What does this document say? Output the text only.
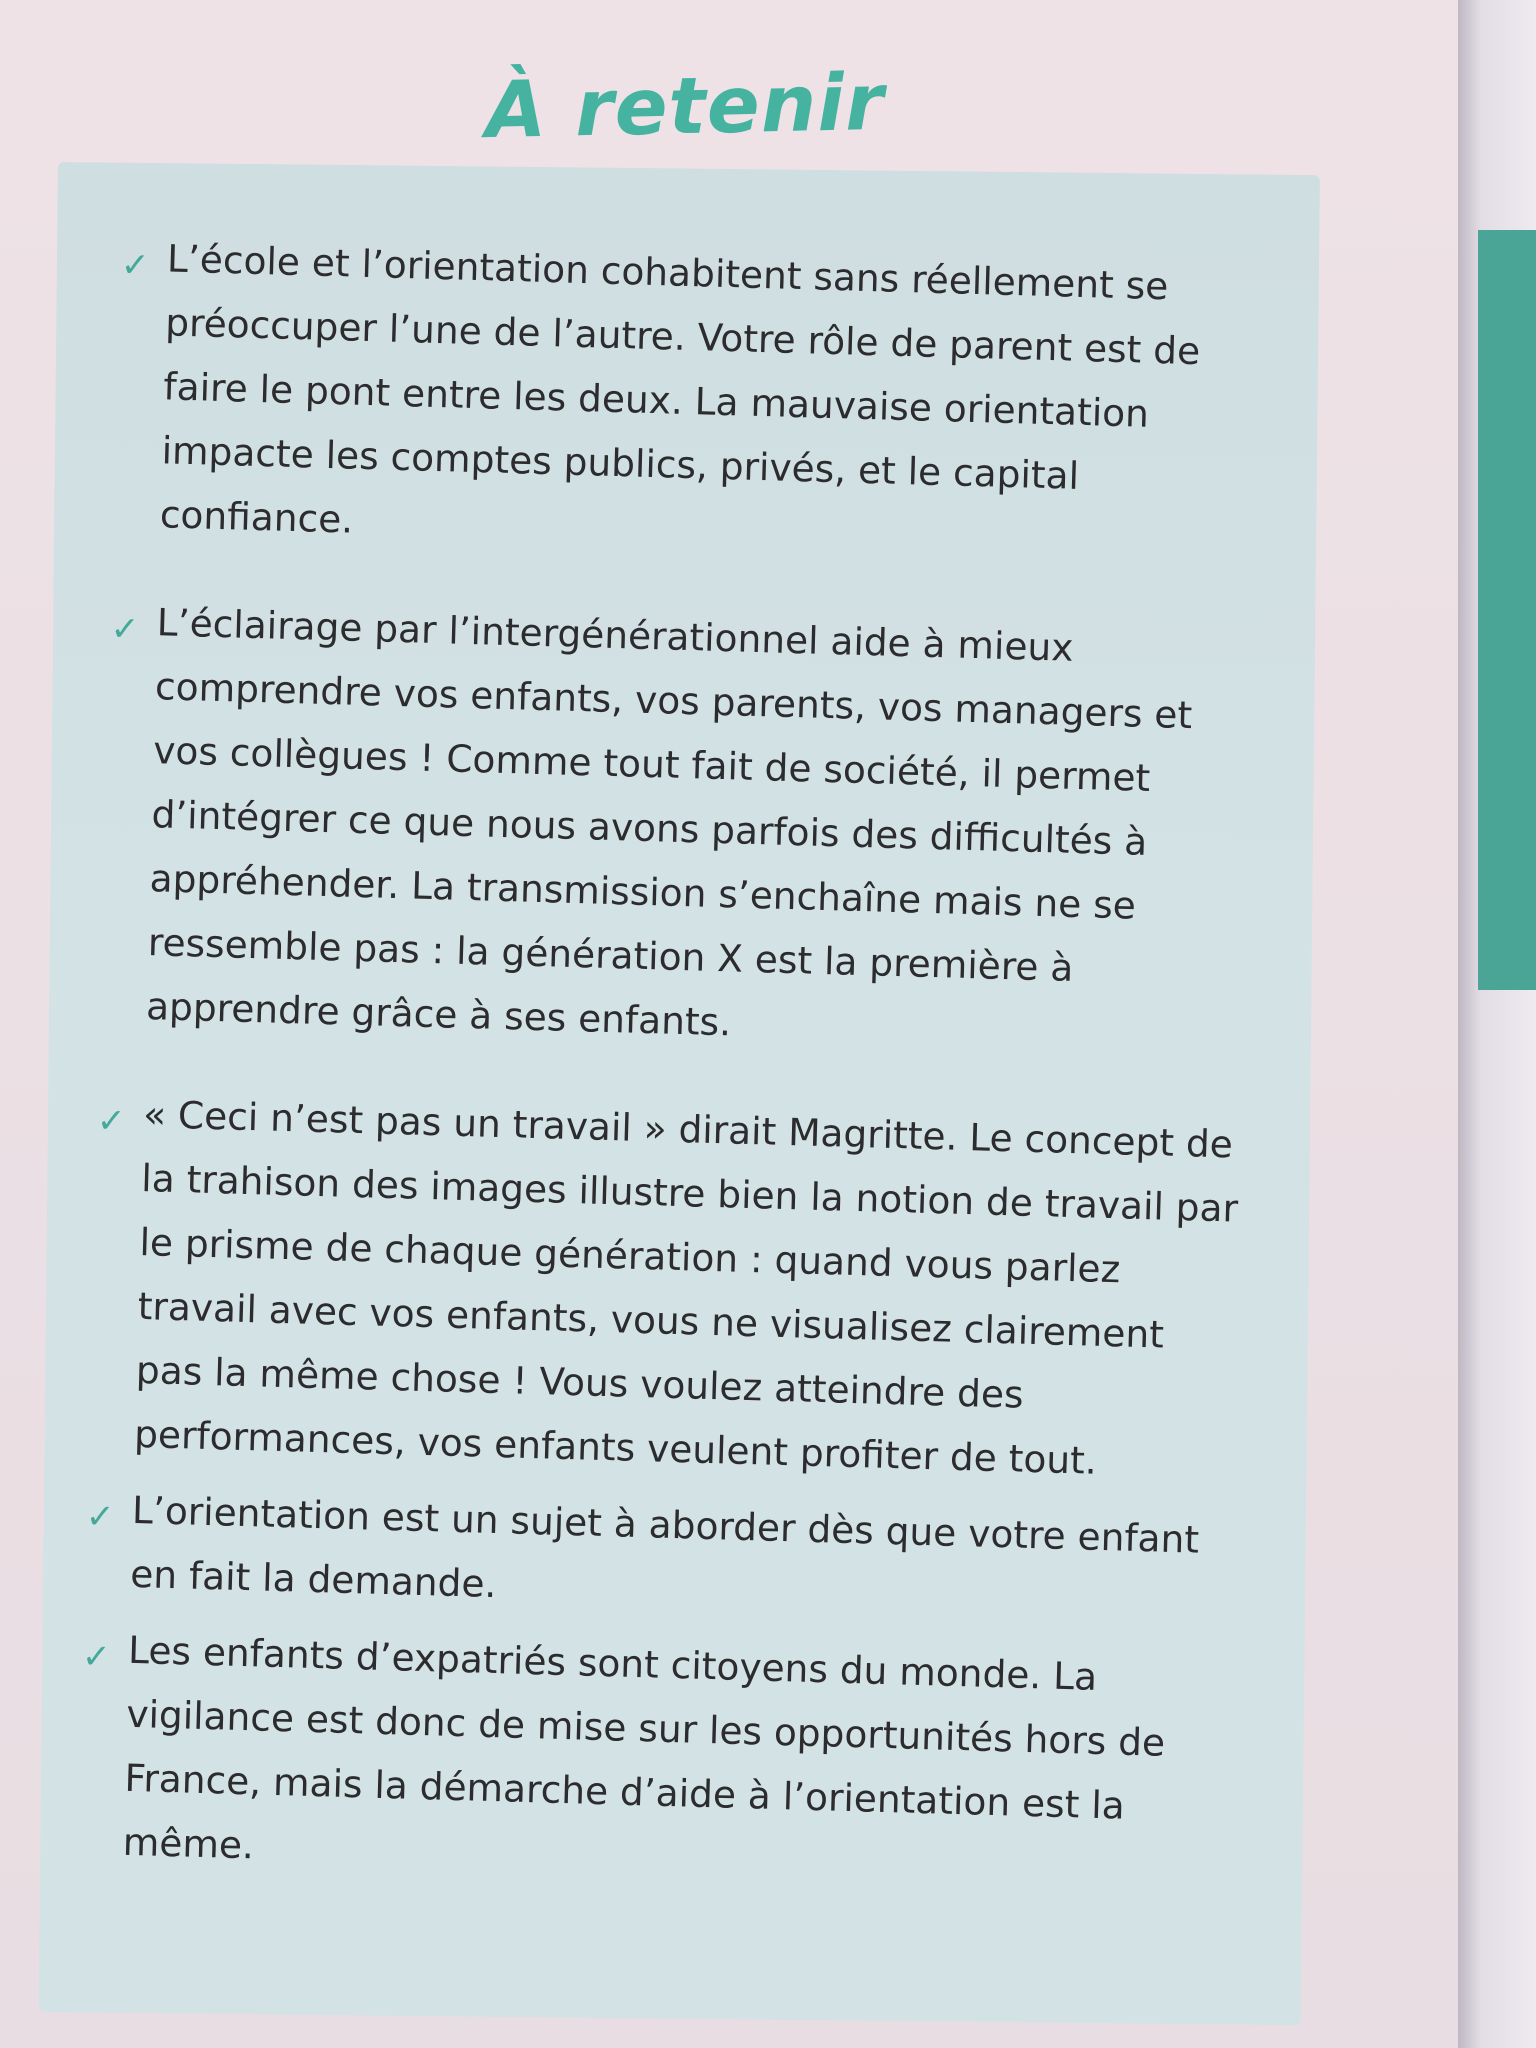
À retenir
✓ L’école et l’orientation cohabitent sans réellement se préoccuper l’une de l’autre. Votre rôle de parent est de faire le pont entre les deux. La mauvaise orientation impacte les comptes publics, privés, et le capital confiance.
✓ L’éclairage par l’intergénérationnel aide à mieux comprendre vos enfants, vos parents, vos managers et vos collègues ! Comme tout fait de société, il permet d’intégrer ce que nous avons parfois des difficultés à appréhender. La transmission s’enchaîne mais ne se ressemble pas : la génération X est la première à apprendre grâce à ses enfants.
✓ « Ceci n’est pas un travail » dirait Magritte. Le concept de la trahison des images illustre bien la notion de travail par le prisme de chaque génération : quand vous parlez travail avec vos enfants, vous ne visualisez clairement pas la même chose ! Vous voulez atteindre des performances, vos enfants veulent profiter de tout.
✓ L’orientation est un sujet à aborder dès que votre enfant en fait la demande.
✓ Les enfants d’expatriés sont citoyens du monde. La vigilance est donc de mise sur les opportunités hors de France, mais la démarche d’aide à l’orientation est la même.
